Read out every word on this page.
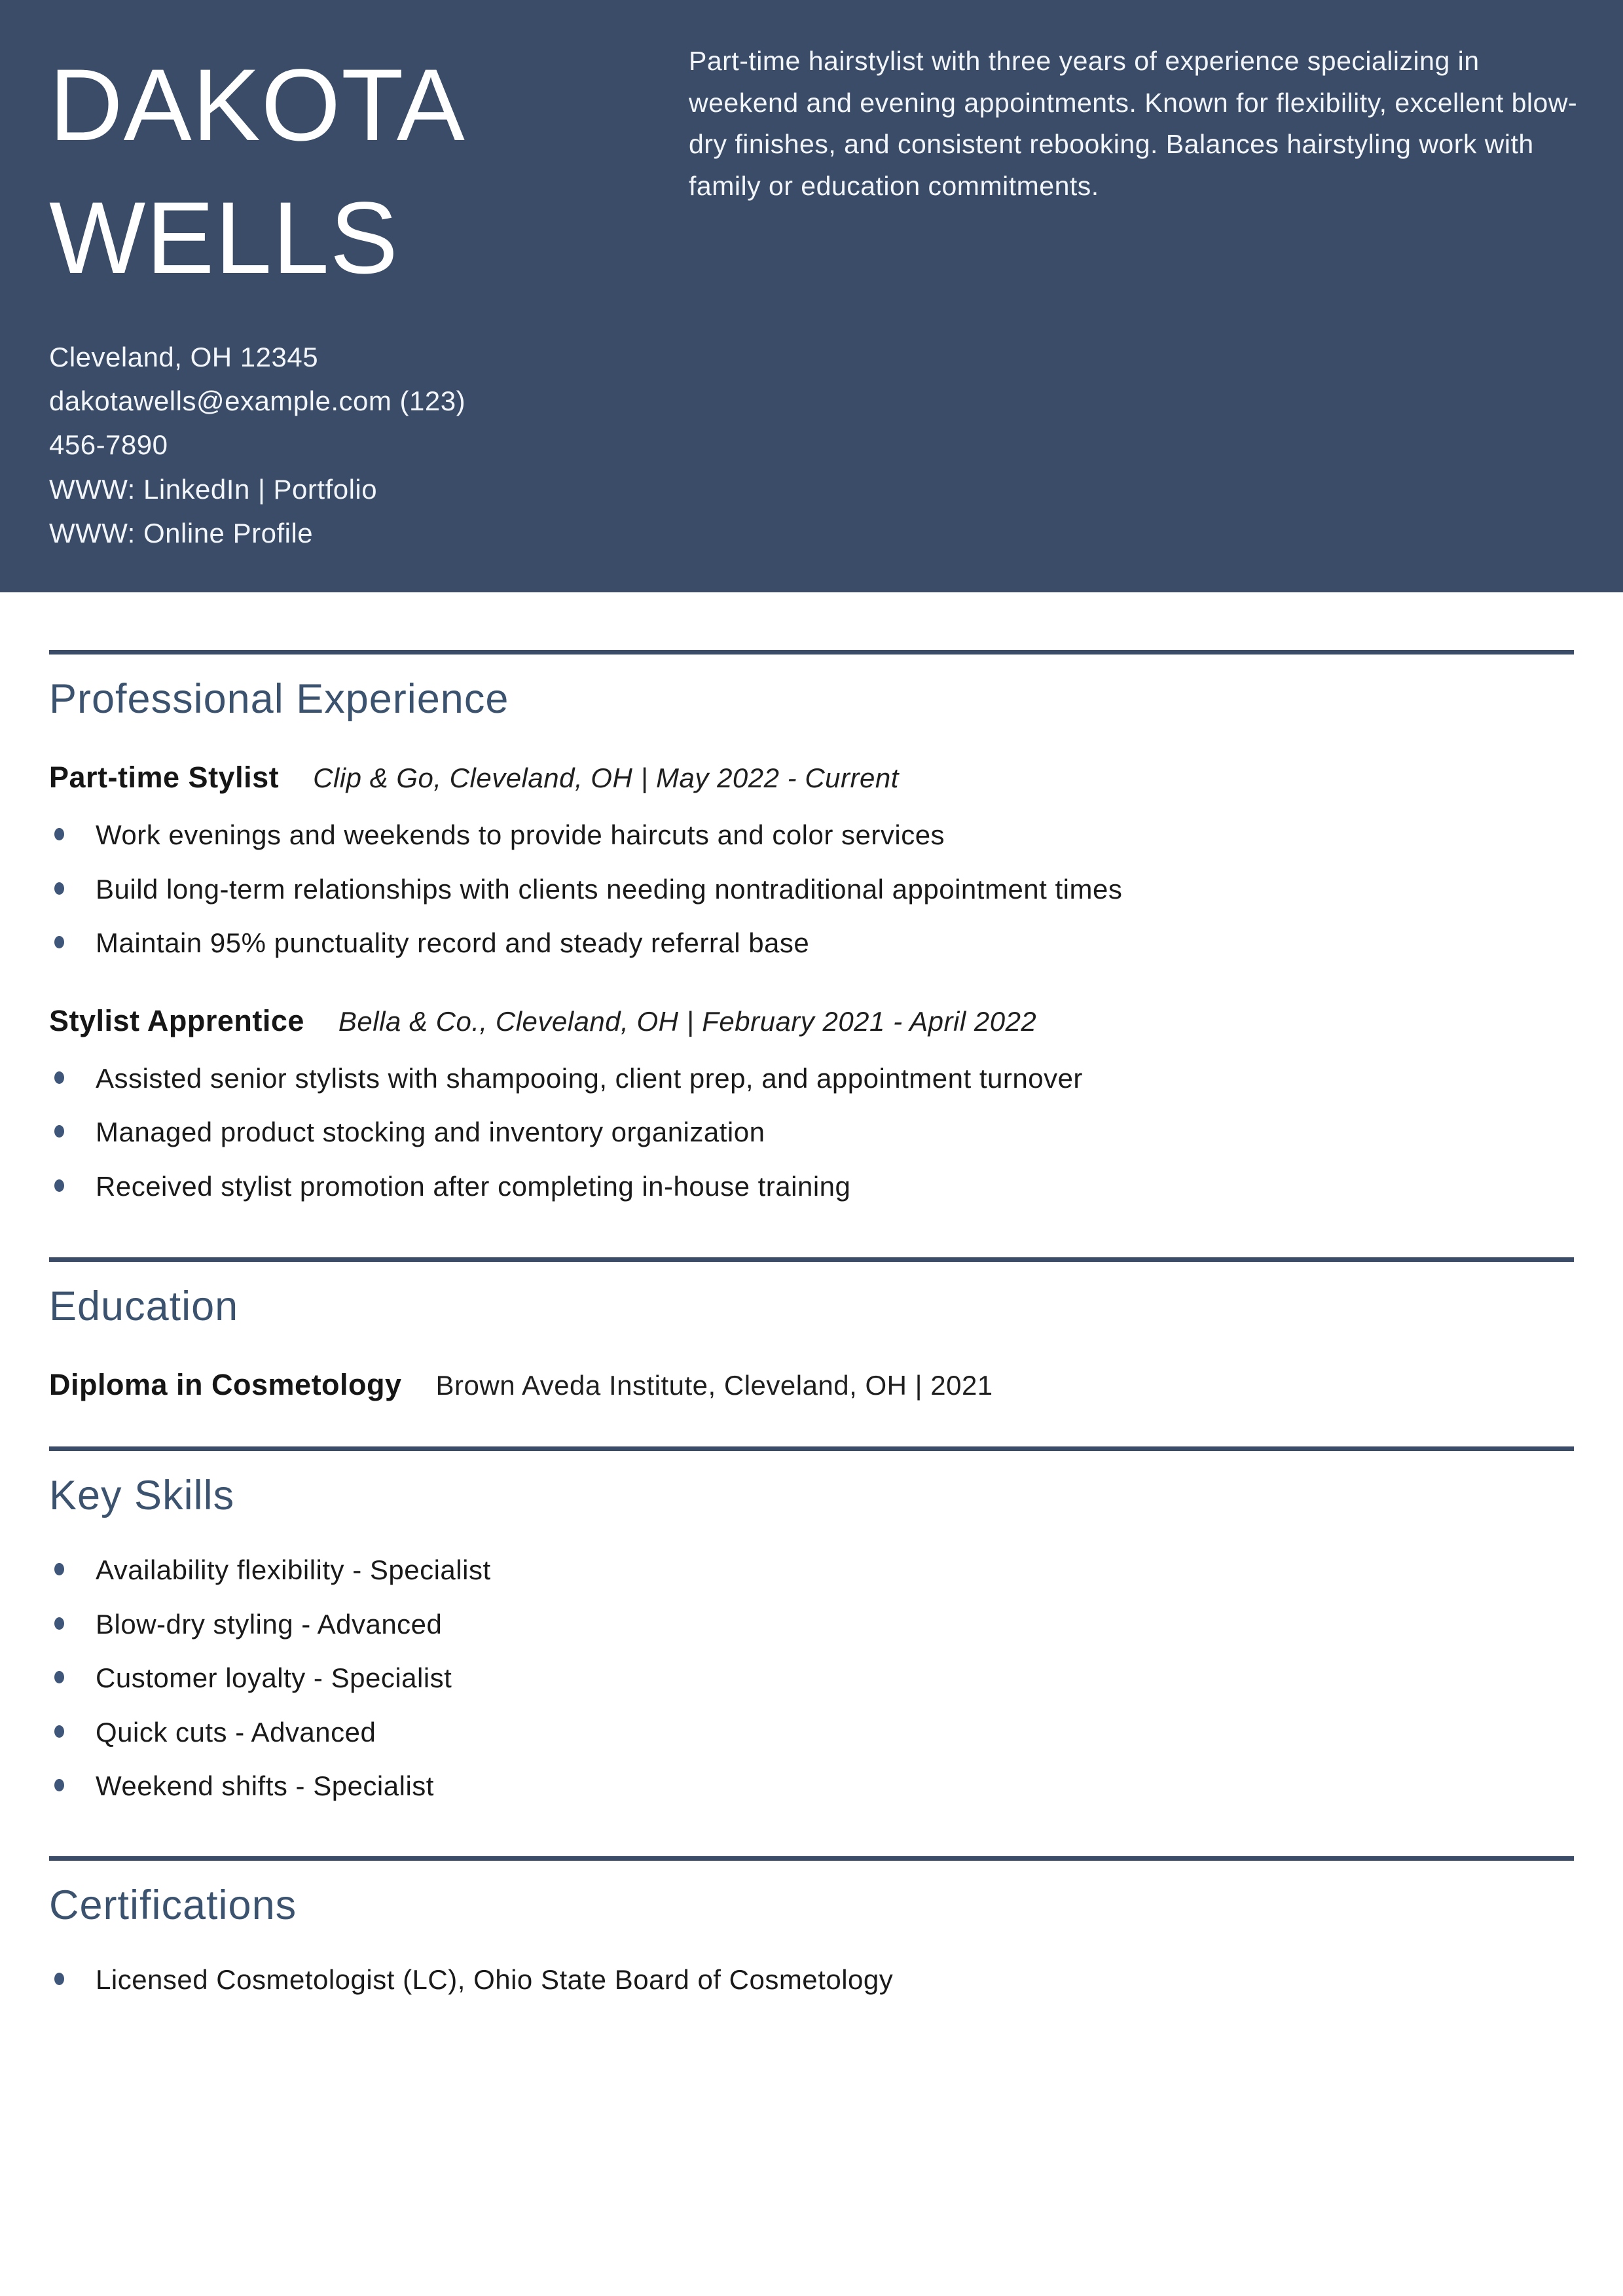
DAKOTA
WELLS

Part-time hairstylist with three years of experience specializing in weekend and evening appointments. Known for flexibility, excellent blow-dry finishes, and consistent rebooking. Balances hairstyling work with family or education commitments.

Cleveland, OH 12345
dakotawells@example.com (123)
456-7890
WWW: LinkedIn | Portfolio
WWW: Online Profile
Professional Experience
Part-time Stylist Clip & Go, Cleveland, OH | May 2022 - Current
Work evenings and weekends to provide haircuts and color services
Build long-term relationships with clients needing nontraditional appointment times
Maintain 95% punctuality record and steady referral base
Stylist Apprentice Bella & Co., Cleveland, OH | February 2021 - April 2022
Assisted senior stylists with shampooing, client prep, and appointment turnover
Managed product stocking and inventory organization
Received stylist promotion after completing in-house training
Education
Diploma in Cosmetology Brown Aveda Institute, Cleveland, OH | 2021
Key Skills
Availability flexibility - Specialist
Blow-dry styling - Advanced
Customer loyalty - Specialist
Quick cuts - Advanced
Weekend shifts - Specialist
Certifications
Licensed Cosmetologist (LC), Ohio State Board of Cosmetology
